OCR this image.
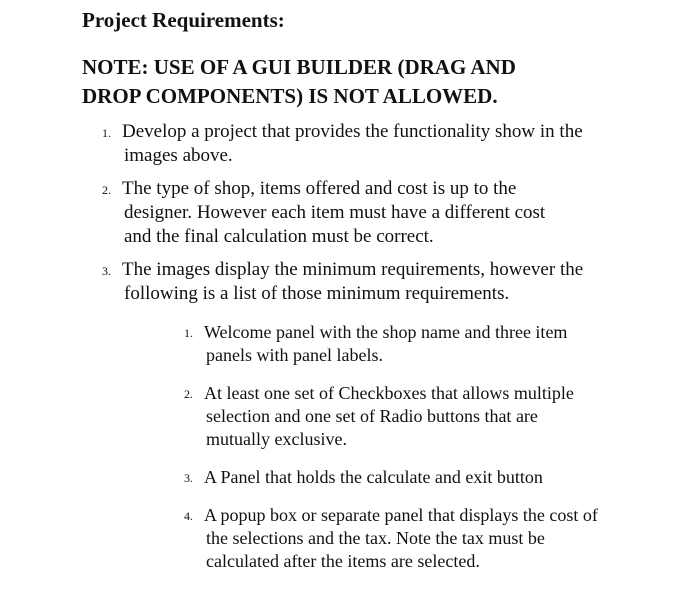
Project Requirements:
NOTE: USE OF A GUI BUILDER (DRAG AND
DROP COMPONENTS) IS NOT ALLOWED.
1. Develop a project that provides the functionality show in the
images above.
2. The type of shop, items offered and cost is up to the
designer. However each item must have a different cost
and the final calculation must be correct.
3. The images display the minimum requirements, however the
following is a list of those minimum requirements.
1. Welcome panel with the shop name and three item
panels with panel labels.
2. At least one set of Checkboxes that allows multiple
selection and one set of Radio buttons that are
mutually exclusive.
3. A Panel that holds the calculate and exit button
4. A popup box or separate panel that displays the cost of
the selections and the tax. Note the tax must be
calculated after the items are selected.
